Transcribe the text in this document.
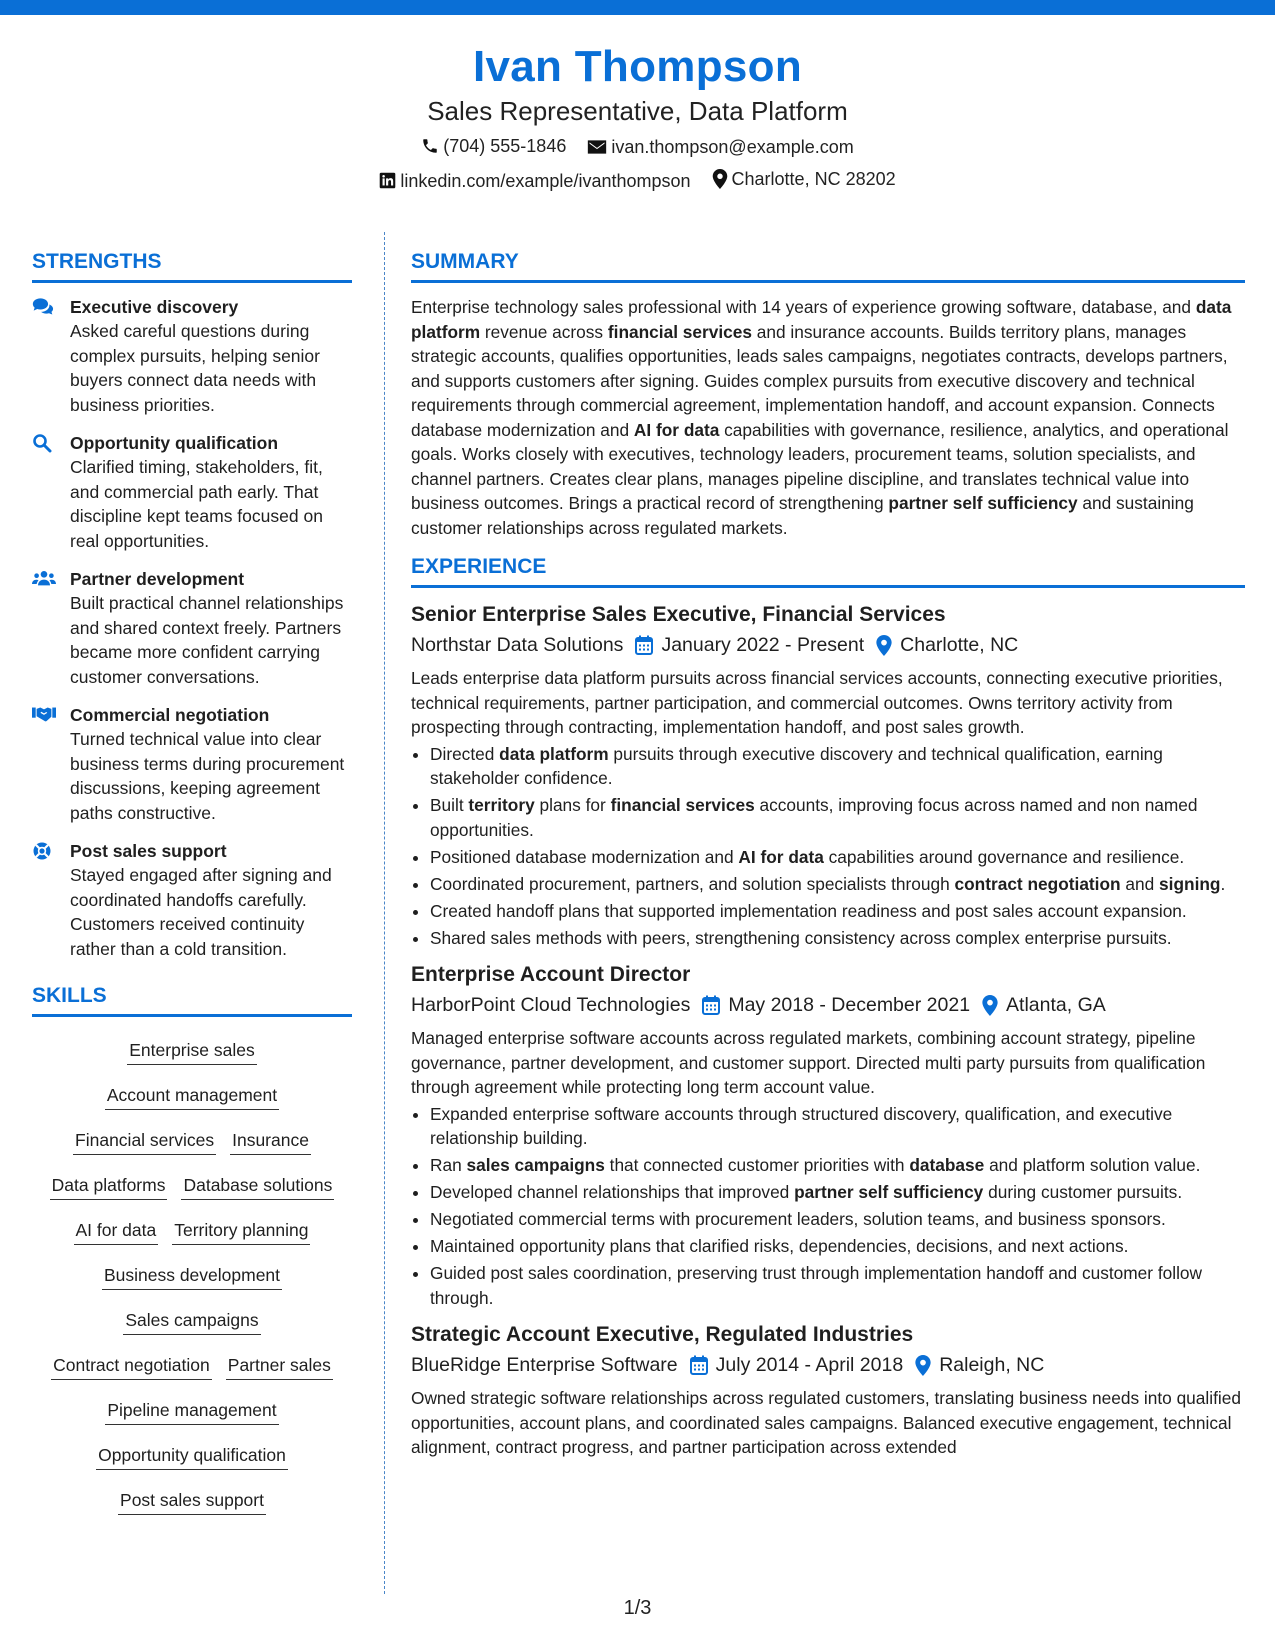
Ivan Thompson
Sales Representative, Data Platform
(704) 555-1846
	ivan.thompson@example.com
linkedin.com/example/ivanthompson
Charlotte, NC 28202
STRENGTHS
Executive discovery
Asked careful questions during complex pursuits, helping senior buyers connect data needs with business priorities.
Opportunity qualification
Clarified timing, stakeholders, fit, and commercial path early. That discipline kept teams focused on real opportunities.
Partner development
Built practical channel relationships and shared context freely. Partners became more confident carrying customer conversations.
Commercial negotiation
Turned technical value into clear business terms during procurement discussions, keeping agreement paths constructive.
Post sales support
Stayed engaged after signing and coordinated handoffs carefully. Customers received continuity rather than a cold transition.
SKILLS
Enterprise sales
Account management
Financial services Insurance
Data platforms Database solutions
AI for data Territory planning
Business development
Sales campaigns
Contract negotiation Partner sales
Pipeline management
Opportunity qualification
Post sales support
SUMMARY
Enterprise technology sales professional with 14 years of experience growing software, database, and data platform revenue across financial services and insurance accounts. Builds territory plans, manages strategic accounts, qualifies opportunities, leads sales campaigns, negotiates contracts, develops partners, and supports customers after signing. Guides complex pursuits from executive discovery and technical requirements through commercial agreement, implementation handoff, and account expansion. Connects database modernization and AI for data capabilities with governance, resilience, analytics, and operational goals. Works closely with executives, technology leaders, procurement teams, solution specialists, and channel partners. Creates clear plans, manages pipeline discipline, and translates technical value into business outcomes. Brings a practical record of strengthening partner self sufficiency and sustaining customer relationships across regulated markets.
EXPERIENCE
Senior Enterprise Sales Executive, Financial Services
Northstar Data Solutions January 2022 - Present Charlotte, NC
Leads enterprise data platform pursuits across financial services accounts, connecting executive priorities, technical requirements, partner participation, and commercial outcomes. Owns territory activity from prospecting through contracting, implementation handoff, and post sales growth.
• Directed data platform pursuits through executive discovery and technical qualification, earning stakeholder confidence.
• Built territory plans for financial services accounts, improving focus across named and non named opportunities.
• Positioned database modernization and AI for data capabilities around governance and resilience.
• Coordinated procurement, partners, and solution specialists through contract negotiation and signing.
• Created handoff plans that supported implementation readiness and post sales account expansion.
• Shared sales methods with peers, strengthening consistency across complex enterprise pursuits.
Enterprise Account Director
HarborPoint Cloud Technologies May 2018 - December 2021 Atlanta, GA
Managed enterprise software accounts across regulated markets, combining account strategy, pipeline governance, partner development, and customer support. Directed multi party pursuits from qualification through agreement while protecting long term account value.
• Expanded enterprise software accounts through structured discovery, qualification, and executive relationship building.
• Ran sales campaigns that connected customer priorities with database and platform solution value.
• Developed channel relationships that improved partner self sufficiency during customer pursuits.
• Negotiated commercial terms with procurement leaders, solution teams, and business sponsors.
• Maintained opportunity plans that clarified risks, dependencies, decisions, and next actions.
• Guided post sales coordination, preserving trust through implementation handoff and customer follow through.
Strategic Account Executive, Regulated Industries
BlueRidge Enterprise Software July 2014 - April 2018 Raleigh, NC
Owned strategic software relationships across regulated customers, translating business needs into qualified opportunities, account plans, and coordinated sales campaigns. Balanced executive engagement, technical alignment, contract progress, and partner participation across extended
1/3
